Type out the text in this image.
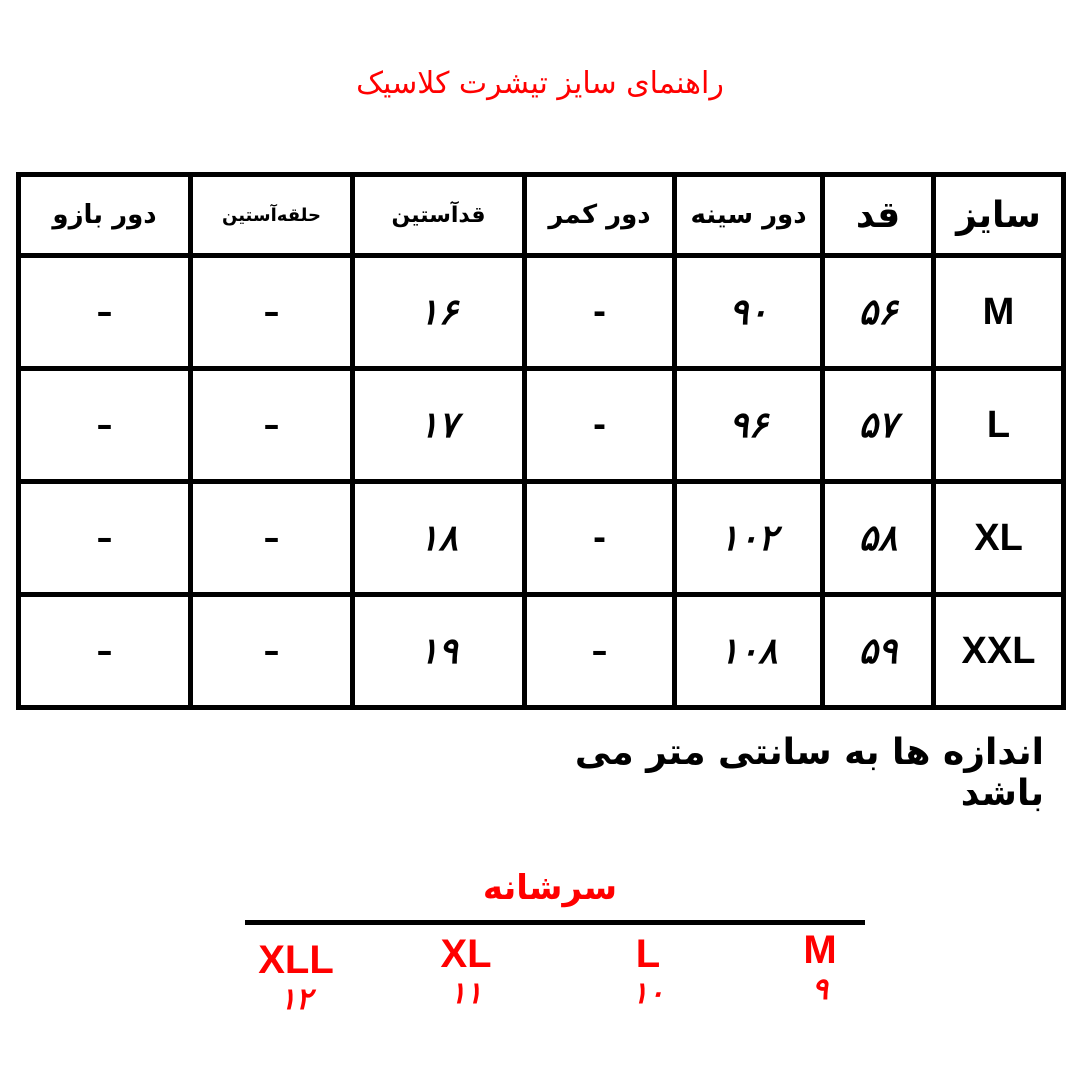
راهنمای سایز تیشرت کلاسیک
سایز	قد	دور سینه	دور کمر	قدآستین	حلقه‌آستین	دور بازو
M	۵۶	۹۰	-	۱۶	–	–
L	۵۷	۹۶	-	۱۷	–	–
XL	۵۸	۱۰۲	-	۱۸	–	–
XXL	۵۹	۱۰۸	–	۱۹	–	–
اندازه ها به سانتی متر می باشد
سرشانه
M
۹
L
۱۰
XL
۱۱
XLL
۱۲
